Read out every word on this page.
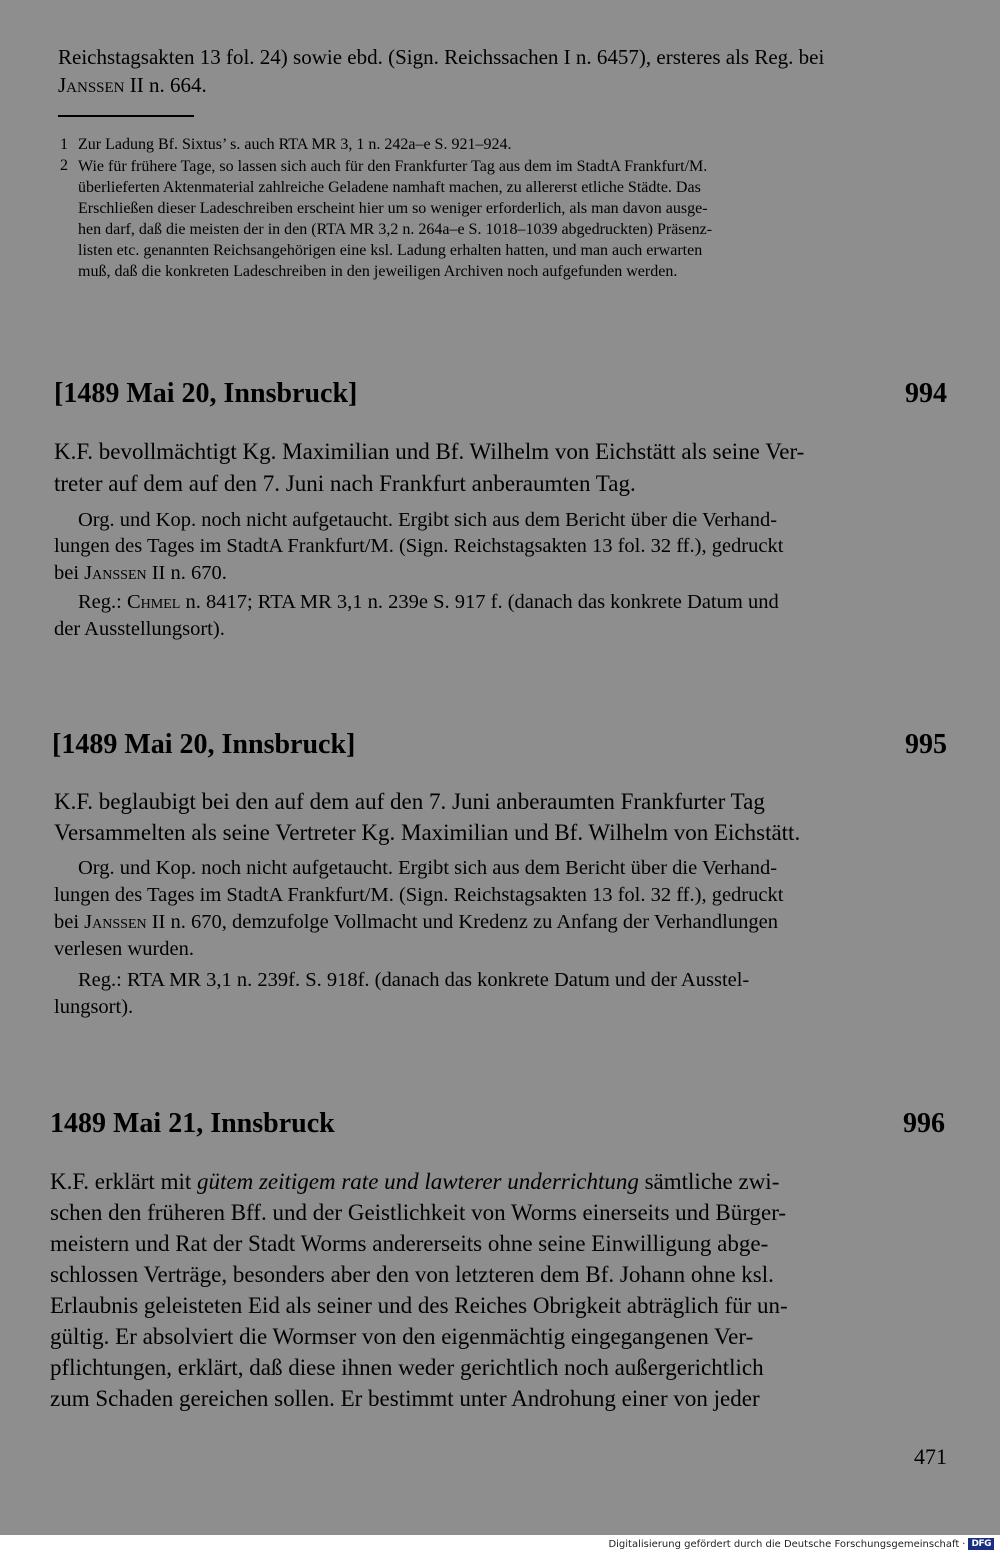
Reichstagsakten 13 fol. 24) sowie ebd. (Sign. Reichssachen I n. 6457), ersteres als Reg. bei
Janssen II n. 664.
1 Zur Ladung Bf. Sixtus’ s. auch RTA MR 3, 1 n. 242a–e S. 921–924.
2 Wie für frühere Tage, so lassen sich auch für den Frankfurter Tag aus dem im StadtA Frankfurt/M.
überlieferten Aktenmaterial zahlreiche Geladene namhaft machen, zu allererst etliche Städte. Das
Erschließen dieser Ladeschreiben erscheint hier um so weniger erforderlich, als man davon ausge-
hen darf, daß die meisten der in den (RTA MR 3,2 n. 264a–e S. 1018–1039 abgedruckten) Präsenz-
listen etc. genannten Reichsangehörigen eine ksl. Ladung erhalten hatten, und man auch erwarten
muß, daß die konkreten Ladeschreiben in den jeweiligen Archiven noch aufgefunden werden.
[1489 Mai 20, Innsbruck]	994
K.F. bevollmächtigt Kg. Maximilian und Bf. Wilhelm von Eichstätt als seine Ver-
treter auf dem auf den 7. Juni nach Frankfurt anberaumten Tag.
Org. und Kop. noch nicht aufgetaucht. Ergibt sich aus dem Bericht über die Verhand-
lungen des Tages im StadtA Frankfurt/M. (Sign. Reichstagsakten 13 fol. 32 ff.), gedruckt
bei Janssen II n. 670.
Reg.: Chmel n. 8417; RTA MR 3,1 n. 239e S. 917 f. (danach das konkrete Datum und
der Ausstellungsort).
[1489 Mai 20, Innsbruck]	995
K.F. beglaubigt bei den auf dem auf den 7. Juni anberaumten Frankfurter Tag
Versammelten als seine Vertreter Kg. Maximilian und Bf. Wilhelm von Eichstätt.
Org. und Kop. noch nicht aufgetaucht. Ergibt sich aus dem Bericht über die Verhand-
lungen des Tages im StadtA Frankfurt/M. (Sign. Reichstagsakten 13 fol. 32 ff.), gedruckt
bei Janssen II n. 670, demzufolge Vollmacht und Kredenz zu Anfang der Verhandlungen
verlesen wurden.
Reg.: RTA MR 3,1 n. 239f. S. 918f. (danach das konkrete Datum und der Ausstel-
lungsort).
1489 Mai 21, Innsbruck	996
K.F. erklärt mit gütem zeitigem rate und lawterer underrichtung sämtliche zwi-
schen den früheren Bff. und der Geistlichkeit von Worms einerseits und Bürger-
meistern und Rat der Stadt Worms andererseits ohne seine Einwilligung abge-
schlossen Verträge, besonders aber den von letzteren dem Bf. Johann ohne ksl.
Erlaubnis geleisteten Eid als seiner und des Reiches Obrigkeit abträglich für un-
gültig. Er absolviert die Wormser von den eigenmächtig eingegangenen Ver-
pflichtungen, erklärt, daß diese ihnen weder gerichtlich noch außergerichtlich
zum Schaden gereichen sollen. Er bestimmt unter Androhung einer von jeder
471
Digitalisierung gefördert durch die Deutsche Forschungsgemeinschaft · DFG
